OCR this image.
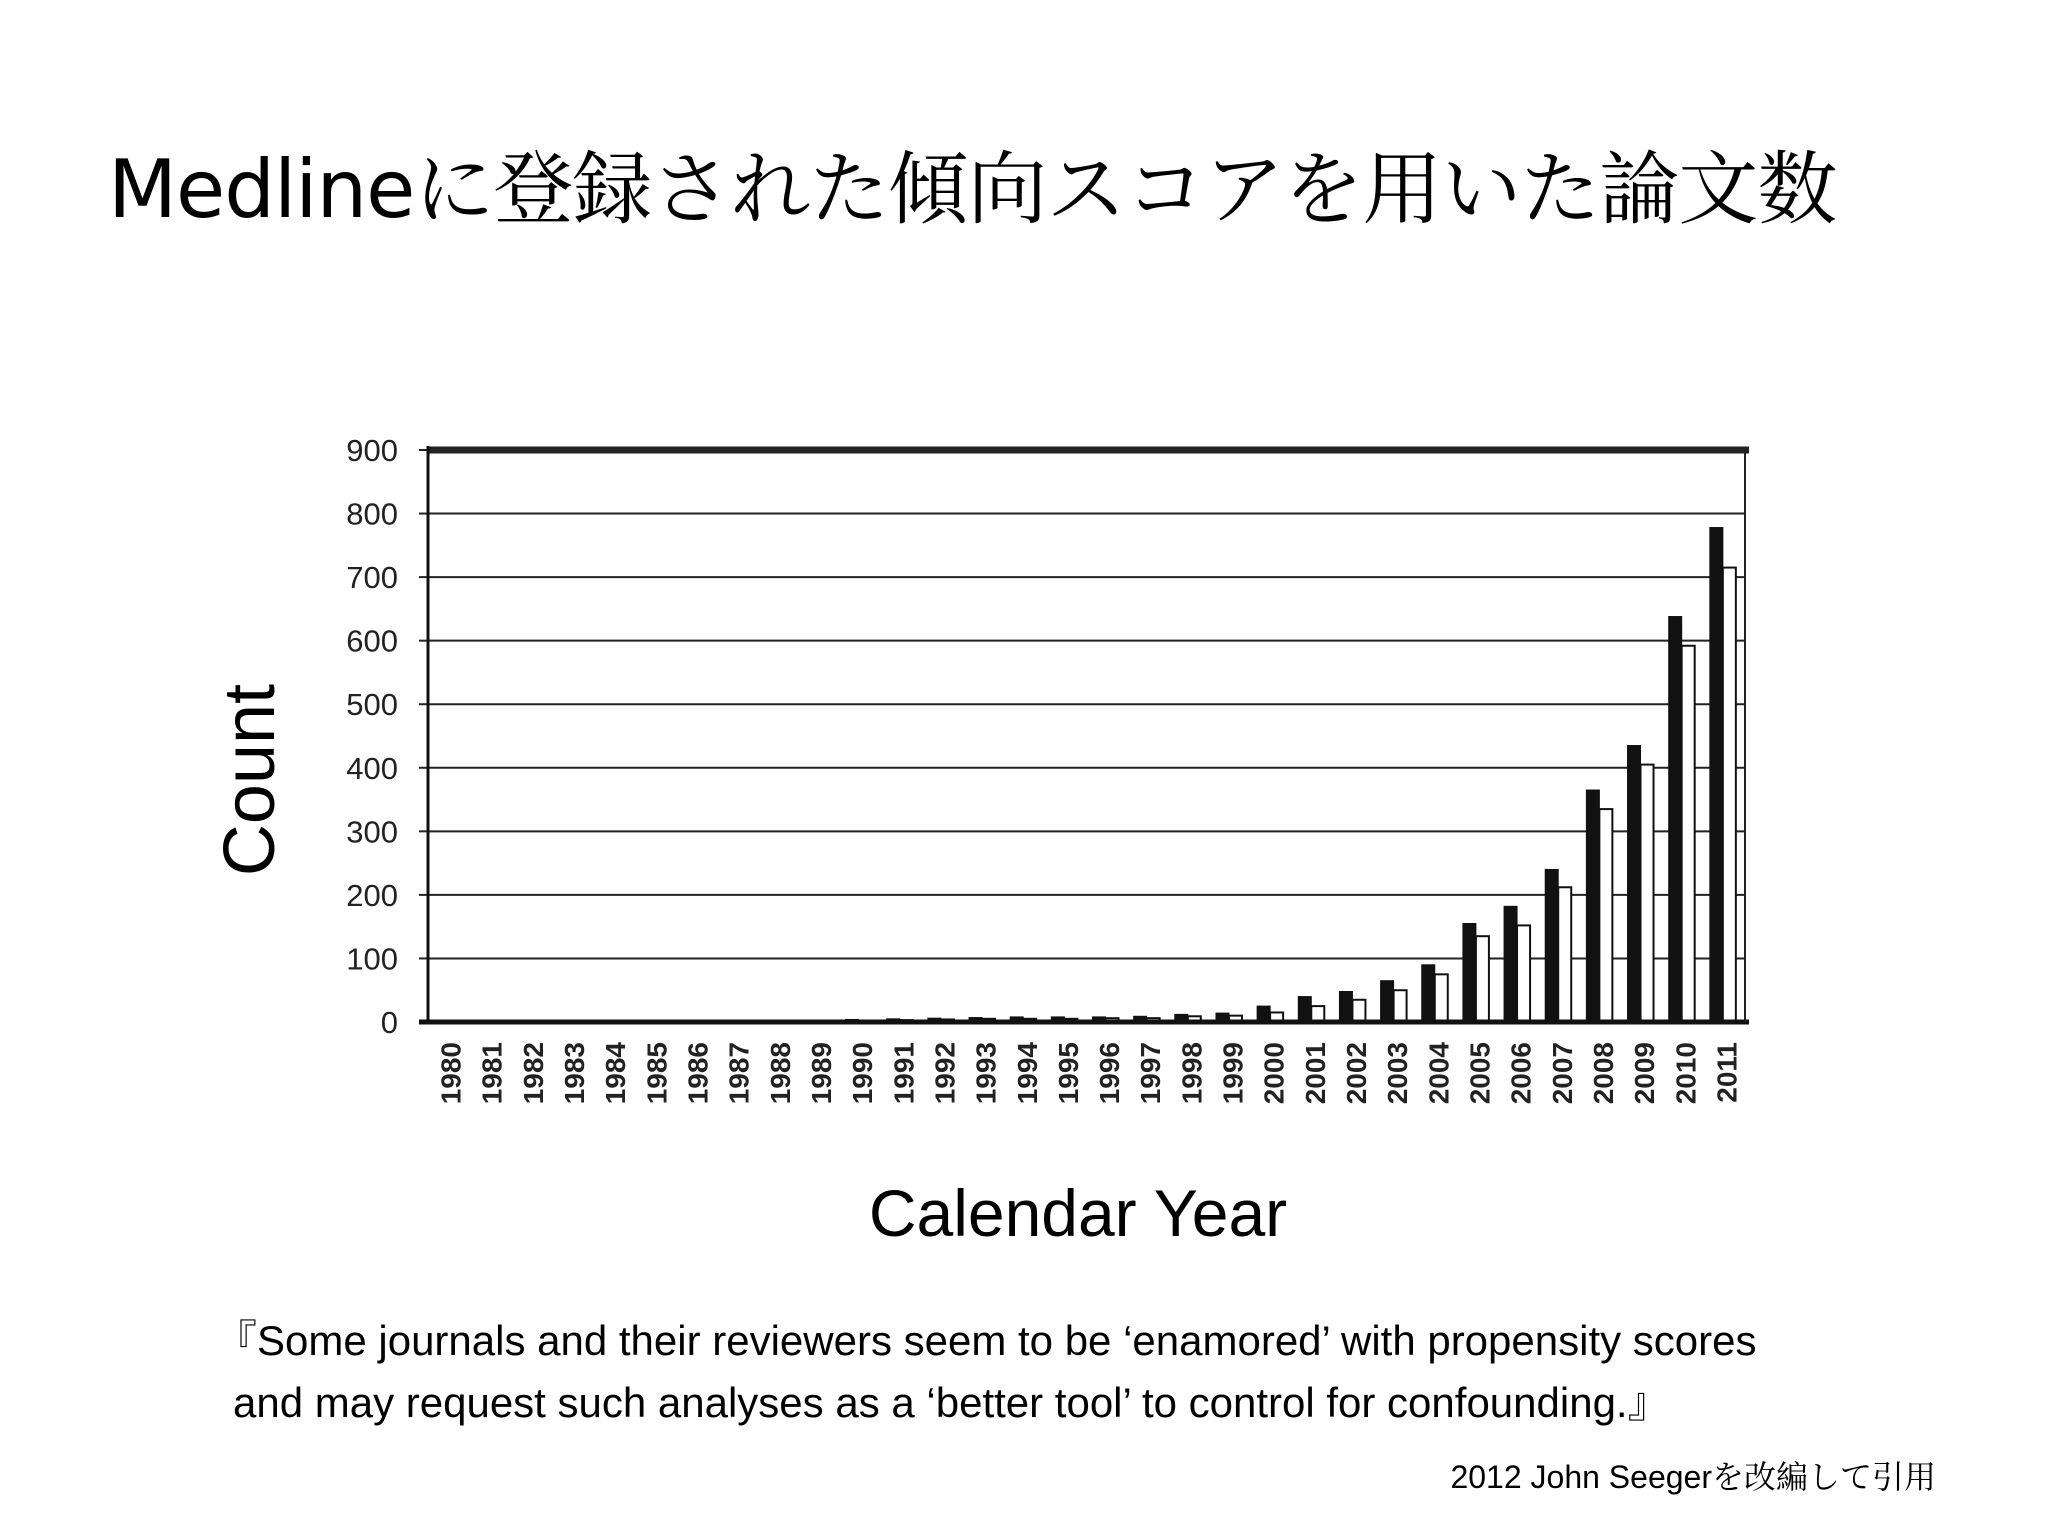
Medlineに登録された傾向スコアを用いた論文数
0
100
200
300
400
500
600
700
800
900
1980 1981 1982 1983 1984 1985 1986 1987 1988 1989 1990 1991 1992 1993 1994 1995 1996 1997 1998 1999 2000 2001 2002 2003 2004 2005 2006 2007 2008 2009 2010 2011
Count
Calendar Year
『Some journals and their reviewers seem to be ‘enamored’ with propensity scores
and may request such analyses as a ‘better tool’ to control for confounding.』
2012 John Seegerを改編して引用
